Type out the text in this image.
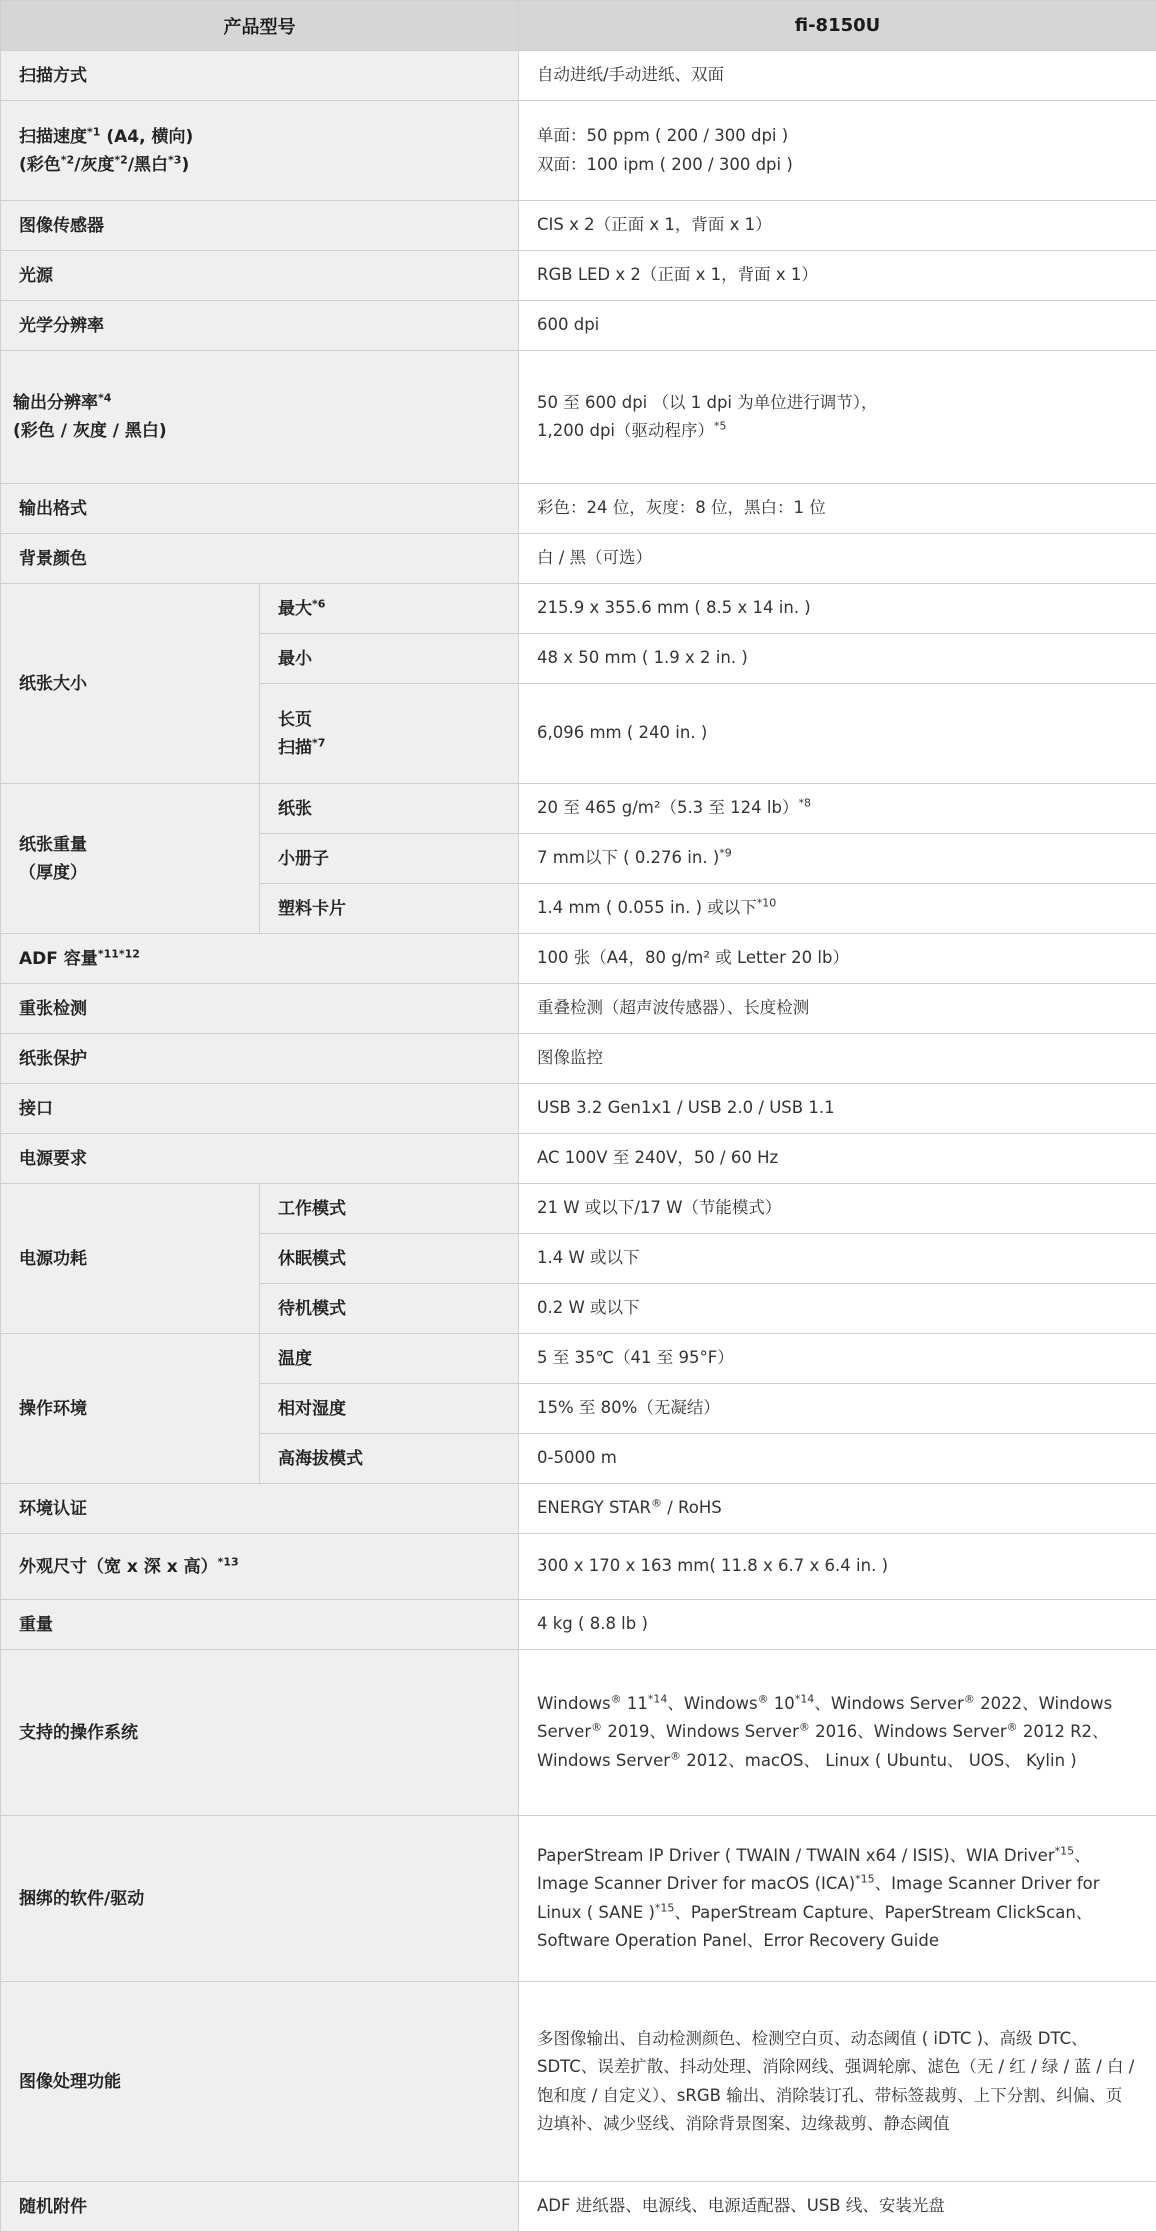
产品型号		fi-8150U
扫描方式		自动进纸/手动进纸、双面

扫描速度$^{*1}$ (A4, 横向)
(彩色$^{*2}$/灰度$^{*2}$/黑白$^{*3}$)		单面：50 ppm ( 200 / 300 dpi )
双面：100 ipm ( 200 / 300 dpi )

图像传感器		CIS x 2（正面 x 1，背面 x 1）
光源		RGB LED x 2（正面 x 1，背面 x 1）
光学分辨率		600 dpi

输出分辨率$^{*4}$
(彩色 / 灰度 / 黑白)		50 至 600 dpi （以 1 dpi 为单位进行调节），
1,200 dpi（驱动程序）$^{*5}$

输出格式		彩色：24 位，灰度：8 位，黑白：1 位
背景颜色		白 / 黑（可选）
纸张大小	最大$^{*6}$	215.9 x 355.6 mm ( 8.5 x 14 in. )
	最小	48 x 50 mm ( 1.9 x 2 in. )

	长页
扫描$^{*7}$	6,096 mm ( 240 in. )

纸张重量
（厚度）	纸张	20 至 465 g/m²（5.3 至 124 lb）$^{*8}$
	小册子	7 mm以下 ( 0.276 in. )$^{*9}$
	塑料卡片	1.4 mm ( 0.055 in. ) 或以下$^{*10}$
ADF 容量$^{*11*12}$		100 张（A4，80 g/m² 或 Letter 20 lb）
重张检测		重叠检测（超声波传感器）、长度检测
纸张保护		图像监控
接口		USB 3.2 Gen1x1 / USB 2.0 / USB 1.1
电源要求		AC 100V 至 240V，50 / 60 Hz
电源功耗	工作模式	21 W 或以下/17 W（节能模式）
	休眠模式	1.4 W 或以下
	待机模式	0.2 W 或以下
操作环境	温度	5 至 35℃（41 至 95°F）
	相对湿度	15% 至 80%（无凝结）
	高海拔模式	0-5000 m
环境认证		ENERGY STAR® / RoHS
外观尺寸（宽 x 深 x 高）$^{*13}$		300 x 170 x 163 mm( 11.8 x 6.7 x 6.4 in. )
重量		4 kg ( 8.8 lb )
支持的操作系统		Windows® 11$^{*14}$、Windows® 10$^{*14}$、Windows Server® 2022、Windows Server® 2019、Windows Server® 2016、Windows Server® 2012 R2、Windows Server® 2012、macOS、 Linux ( Ubuntu、 UOS、 Kylin )
捆绑的软件/驱动		PaperStream IP Driver ( TWAIN / TWAIN x64 / ISIS)、WIA Driver$^{*15}$、Image Scanner Driver for macOS (ICA)$^{*15}$、Image Scanner Driver for Linux ( SANE )$^{*15}$、PaperStream Capture、PaperStream ClickScan、Software Operation Panel、Error Recovery Guide
图像处理功能		多图像输出、自动检测颜色、检测空白页、动态阈值 ( iDTC )、高级 DTC、SDTC、误差扩散、抖动处理、消除网线、强调轮廓、滤色（无 / 红 / 绿 / 蓝 / 白 /饱和度 / 自定义）、sRGB 输出、消除装订孔、带标签裁剪、上下分割、纠偏、页边填补、减少竖线、消除背景图案、边缘裁剪、静态阈值
随机附件		ADF 进纸器、电源线、电源适配器、USB 线、安装光盘
